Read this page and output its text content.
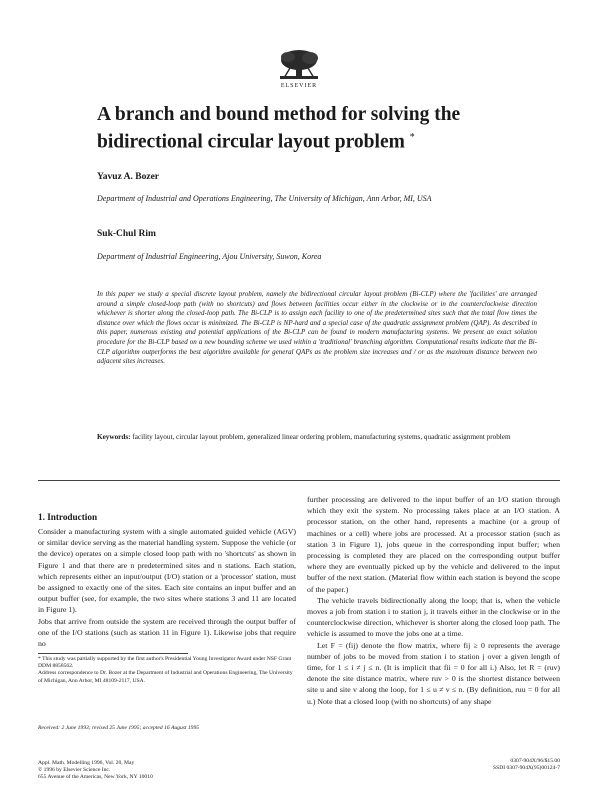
ELSEVIER
A branch and bound method for solving the bidirectional circular layout problem *
Yavuz A. Bozer
Department of Industrial and Operations Engineering, The University of Michigan, Ann Arbor, MI, USA
Suk-Chul Rim
Department of Industrial Engineering, Ajou University, Suwon, Korea
In this paper we study a special discrete layout problem, namely the bidirectional circular layout problem (Bi-CLP) where the 'facilities' are arranged around a simple closed-loop path (with no shortcuts) and flows between facilities occur either in the clockwise or in the counterclockwise direction whichever is shorter along the closed-loop path. The Bi-CLP is to assign each facility to one of the predetermined sites such that the total flow times the distance over which the flows occur is minimized. The Bi-CLP is NP-hard and a special case of the quadratic assignment problem (QAP). As described in this paper, numerous existing and potential applications of the Bi-CLP can be found in modern manufacturing systems. We present an exact solution procedure for the Bi-CLP based on a new bounding scheme we used within a 'traditional' branching algorithm. Computational results indicate that the Bi-CLP algorithm outperforms the best algorithm available for general QAPs as the problem size increases and / or as the maximum distance between two adjacent sites increases.
Keywords: facility layout, circular layout problem, generalized linear ordering problem, manufacturing systems, quadratic assignment problem
1. Introduction

Consider a manufacturing system with a single automated guided vehicle (AGV) or similar device serving as the material handling system. Suppose the vehicle (or the device) operates on a simple closed loop path with no 'shortcuts' as shown in Figure 1 and that there are n predetermined sites and n stations. Each station, which represents either an input/output (I/O) station or a 'processor' station, must be assigned to exactly one of the sites. Each site contains an input buffer and an output buffer (see, for example, the two sites where stations 3 and 11 are located in Figure 1).

Jobs that arrive from outside the system are received through the output buffer of one of the I/O stations (such as station 11 in Figure 1). Likewise jobs that require no

* This study was partially supported by the first author's Presidential Young Investigator Award under NSF Grant DDM 8858562.
Address correspondence to Dr. Bozer at the Department of Industrial and Operations Engineering, The University of Michigan, Ann Arbor, MI 48109-2117, USA.
Received: 2 June 1993; revised 25 June 1995; accepted 16 August 1995
Appl. Math. Modelling 1996, Vol. 20, May
© 1996 by Elsevier Science Inc.
655 Avenue of the Americas, New York, NY 10010

further processing are delivered to the input buffer of an I/O station through which they exit the system. No processing takes place at an I/O station. A processor station, on the other hand, represents a machine (or a group of machines or a cell) where jobs are processed. At a processor station (such as station 3 in Figure 1), jobs queue in the corresponding input buffer; when processing is completed they are placed on the corresponding output buffer where they are eventually picked up by the vehicle and delivered to the input buffer of the next station. (Material flow within each station is beyond the scope of the paper.)

The vehicle travels bidirectionally along the loop; that is, when the vehicle moves a job from station i to station j, it travels either in the clockwise or in the counterclockwise direction, whichever is shorter along the closed loop path. The vehicle is assumed to move the jobs one at a time.

Let F = (fij) denote the flow matrix, where fij ≥ 0 represents the average number of jobs to be moved from station i to station j over a given length of time, for 1 ≤ i ≠ j ≤ n. (It is implicit that fii = 0 for all i.) Also, let R = (ruv) denote the site distance matrix, where ruv > 0 is the shortest distance between site u and site v along the loop, for 1 ≤ u ≠ v ≤ n. (By definition, ruu = 0 for all u.) Note that a closed loop (with no shortcuts) of any shape

0307-904X/96/$15.00
SSDI 0307-904X(95)00124-7
